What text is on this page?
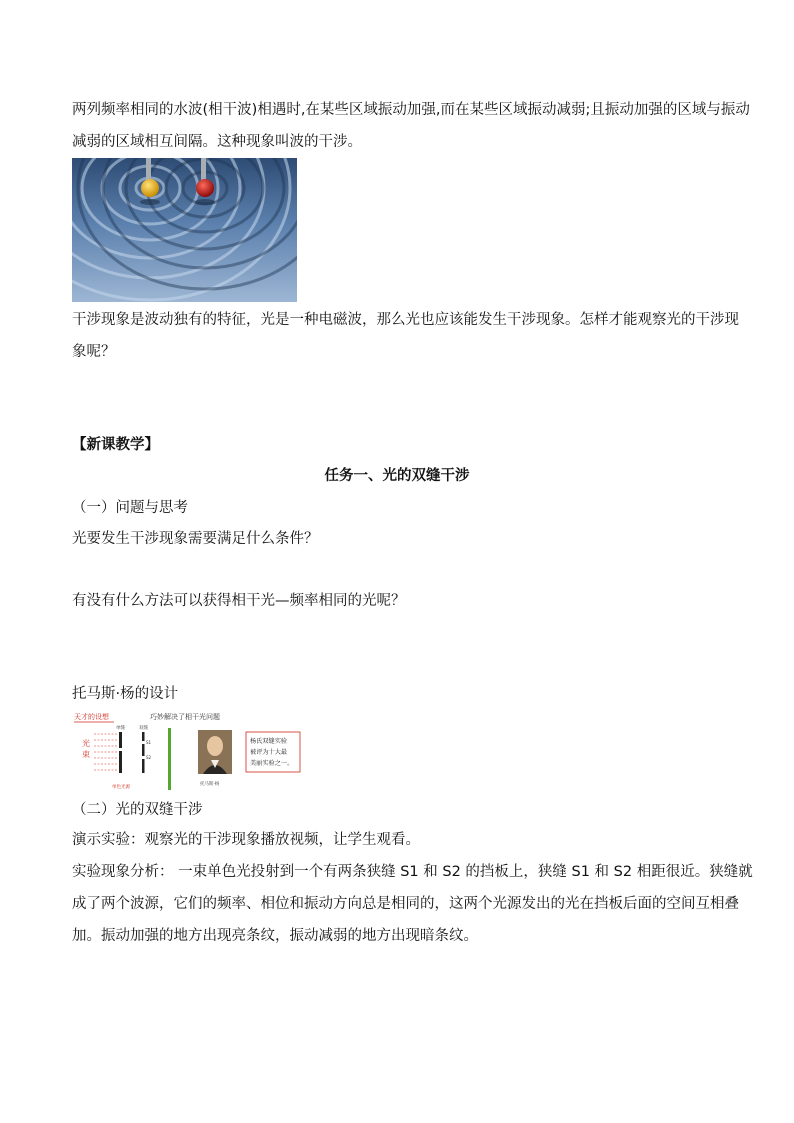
两列频率相同的水波(相干波)相遇时,在某些区域振动加强,而在某些区域振动减弱;且振动加强的区域与振动
减弱的区域相互间隔。这种现象叫波的干涉。
干涉现象是波动独有的特征，光是一种电磁波，那么光也应该能发生干涉现象。怎样才能观察光的干涉现
象呢？
【新课教学】
任务一、光的双缝干涉
（一）问题与思考
光要发生干涉现象需要满足什么条件？
有没有什么方法可以获得相干光—频率相同的光呢？
托马斯·杨的设计
天才的设想	巧妙解决了相干光问题
光
束
单缝	双缝
S1
S2
单色光源
托马斯·杨
杨氏双缝实验
被评为十大最
美丽实验之一。
（二）光的双缝干涉
演示实验：观察光的干涉现象播放视频，让学生观看。
实验现象分析： 一束单色光投射到一个有两条狭缝 S1 和 S2 的挡板上，狭缝 S1 和 S2 相距很近。狭缝就
成了两个波源，它们的频率、相位和振动方向总是相同的，这两个光源发出的光在挡板后面的空间互相叠
加。振动加强的地方出现亮条纹，振动减弱的地方出现暗条纹。
